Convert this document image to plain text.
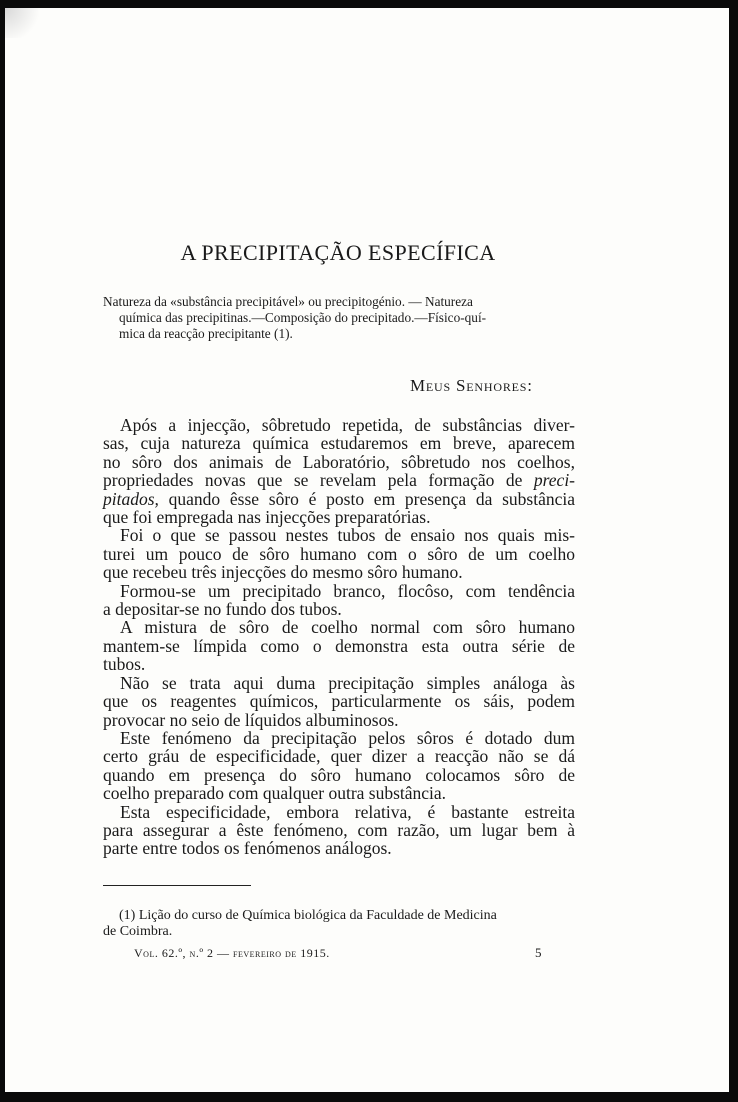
A PRECIPITAÇÃO ESPECÍFICA
Natureza da «substância precipitável» ou precipitogénio. — Natureza
química das precipitinas.—Composição do precipitado.—Físico-quí-
mica da reacção precipitante (1).
Meus Senhores:
Após a injecção, sôbretudo repetida, de substâncias diver-
sas, cuja natureza química estudaremos em breve, aparecem
no sôro dos animais de Laboratório, sôbretudo nos coelhos,
propriedades novas que se revelam pela formação de preci-
pitados, quando êsse sôro é posto em presença da substância
que foi empregada nas injecções preparatórias.
Foi o que se passou nestes tubos de ensaio nos quais mis-
turei um pouco de sôro humano com o sôro de um coelho
que recebeu três injecções do mesmo sôro humano.
Formou-se um precipitado branco, flocôso, com tendência
a depositar-se no fundo dos tubos.
A mistura de sôro de coelho normal com sôro humano
mantem-se límpida como o demonstra esta outra série de
tubos.
Não se trata aqui duma precipitação simples análoga às
que os reagentes químicos, particularmente os sáis, podem
provocar no seio de líquidos albuminosos.
Este fenómeno da precipitação pelos sôros é dotado dum
certo gráu de especificidade, quer dizer a reacção não se dá
quando em presença do sôro humano colocamos sôro de
coelho preparado com qualquer outra substância.
Esta especificidade, embora relativa, é bastante estreita
para assegurar a êste fenómeno, com razão, um lugar bem à
parte entre todos os fenómenos análogos.
(1) Lição do curso de Química biológica da Faculdade de Medicina
de Coimbra.
Vol. 62.º, n.º 2 — fevereiro de 1915.	5
